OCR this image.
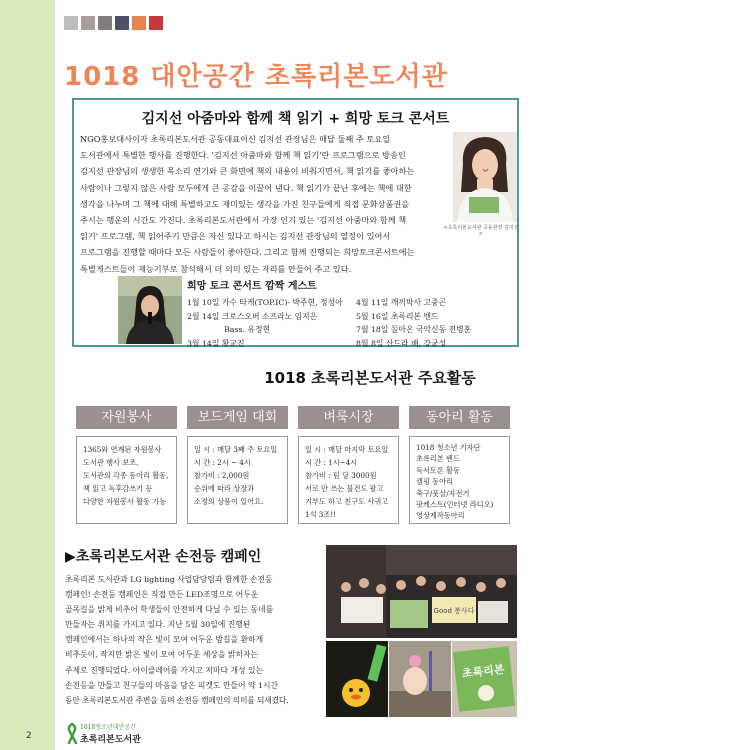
1018 대안공간 초록리본도서관
김지선 아줌마와 함께 책 읽기 + 희망 토크 콘서트
NGO홍보대사이자 초록리본도서관 공동대표이신 김지선 관장님은 매달 둘째 주 토요일
도서관에서 특별한 행사를 진행한다. '김지선 아줌마와 함께 책 읽기'란 프로그램으로 방송인
김지선 관장님의 생생한 목소리 연기와 큰 화면에 책의 내용이 비춰지면서, 책 읽기를 좋아하는
사람이나 그렇지 않은 사람 모두에게 큰 공감을 이끌어 낸다. 책 읽기가 끝난 후에는 책에 대한
생각을 나누며 그 책에 대해 특별하고도 재미있는 생각을 가진 친구들에게 직접 문화상품권을
주시는 행운의 시간도 가진다. 초록리본도서관에서 가장 인기 있는 '김지선 아줌마와 함께 책
읽기' 프로그램, 책 읽어주기 만큼은 자신 있다고 하시는 김지선 관장님의 열정이 있어서
프로그램을 진행할 때마다 모든 사람들이 좋아한다. 그리고 함께 진행되는 희망토크콘서트에는
특별게스트들이 재능기부로 참석해서 더 의미 있는 자리를 만들어 주고 있다.
<초록리본도서관 공동관장 김지선>
희망 토크 콘서트 깜짝 게스트
1월 10일 가수 타케(TOP.IC)- 박주현, 정성아
2월 14일 크로스오버 소프라노 임지은
Bass. 유정현
3월 14일 황교진
4월 11일 깨끼박사 고중곤
5월 16일 초록리본 밴드
7월 18일 돌아온 국악신동 전병훈
8월 8일 산드라 배, 강균성
1018 초록리본도서관 주요활동
자원봉사	보드게임 대회	벼룩시장	동아리 활동
1365와 연계된 자원봉사
도서관 행사 보조,
도서관의 각종 동아리 활동,
책 읽고 독후감쓰기 등
다양한 자원봉사 활동 가능
일 시 : 매달 3째 주 토요일
시 간 : 2시 ~ 4시
참가비 : 2,000원
순위에 따라 상장과
소정의 상품이 있어요.
일 시 : 매달 마지막 토요일
시 간 : 1시~4시
참가비 : 팀 당 3000원
서로 안 쓰는 물건도 팔고
기부도 하고 친구도 사귀고
1석 3조!!
1018 청소년 기자단
초록리본 밴드
독서토론 활동
캠핑 동아리
축구/풋살/자전거
팟케스트(인터넷 라디오)
영상제작동아리
▶초록리본도서관 손전등 캠페인
초록리본 도서관과 LG lighting 사업담당팀과 함께한 손전등
캠페인! 손전등 캠페인은 직접 만든 LED조명으로 어두운
골목길을 밝게 비추어 학생들이 안전하게 다닐 수 있는 동네를
만들자는 취지를 가지고 있다. 지난 5월 30일에 진행된
캠페인에서는 하나의 작은 빛이 모여 어두운 밤길을 환하게
비추듯이, 작지만 밝은 빛이 모여 어두운 세상을 밝히자는
주제로 진행되었다. 아이클레어를 가지고 저마다 개성 있는
손전등을 만들고 친구들의 마음을 담은 피켓도 만들어 약 1시간
동안 초록리본도서관 주변을 돌며 손전등 캠페인의 의미를 되새겼다.
Good 봉사다
초록리본
2
1018청소년대안공간
초록리본도서관
